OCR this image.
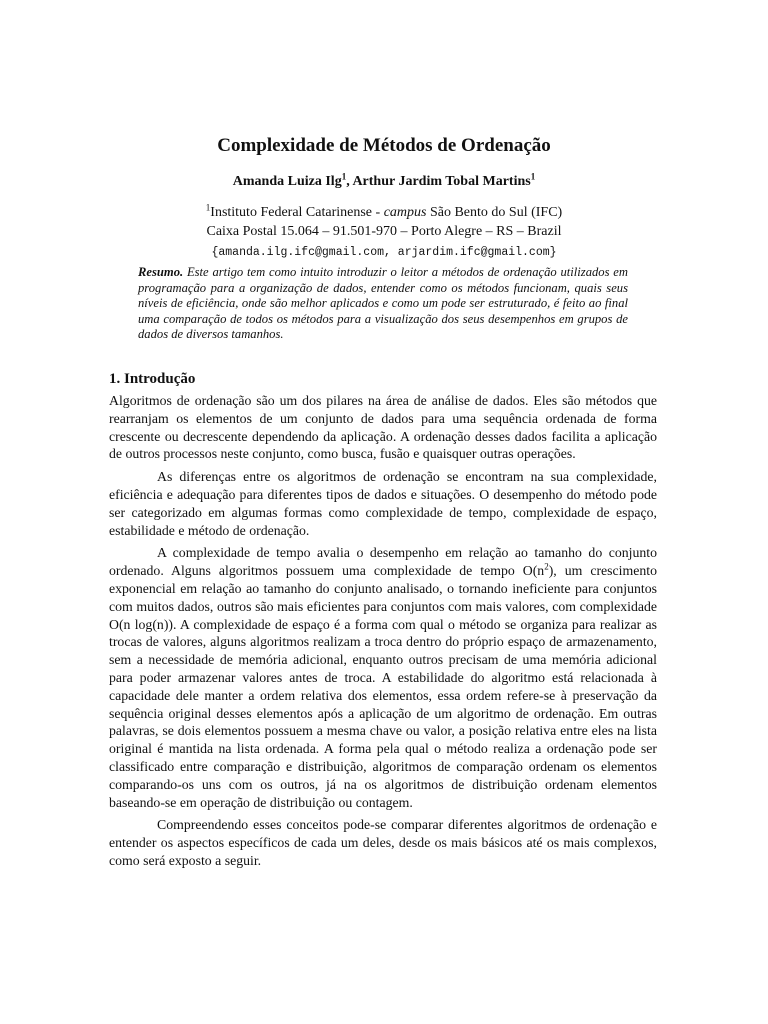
Complexidade de Métodos de Ordenação
Amanda Luiza Ilg$^1$, Arthur Jardim Tobal Martins$^1$
$^1$Instituto Federal Catarinense - campus São Bento do Sul (IFC)
Caixa Postal 15.064 – 91.501-970 – Porto Alegre – RS – Brazil
{amanda.ilg.ifc@gmail.com, arjardim.ifc@gmail.com}
Resumo. Este artigo tem como intuito introduzir o leitor a métodos de ordenação utilizados em programação para a organização de dados, entender como os métodos funcionam, quais seus níveis de eficiência, onde são melhor aplicados e como um pode ser estruturado, é feito ao final uma comparação de todos os métodos para a visualização dos seus desempenhos em grupos de dados de diversos tamanhos.
1. Introdução

Algoritmos de ordenação são um dos pilares na área de análise de dados. Eles são métodos que rearranjam os elementos de um conjunto de dados para uma sequência ordenada de forma crescente ou decrescente dependendo da aplicação. A ordenação desses dados facilita a aplicação de outros processos neste conjunto, como busca, fusão e quaisquer outras operações.

As diferenças entre os algoritmos de ordenação se encontram na sua complexidade, eficiência e adequação para diferentes tipos de dados e situações. O desempenho do método pode ser categorizado em algumas formas como complexidade de tempo, complexidade de espaço, estabilidade e método de ordenação.

A complexidade de tempo avalia o desempenho em relação ao tamanho do conjunto ordenado. Alguns algoritmos possuem uma complexidade de tempo $O(n^2)$, um crescimento exponencial em relação ao tamanho do conjunto analisado, o tornando ineficiente para conjuntos com muitos dados, outros são mais eficientes para conjuntos com mais valores, com complexidade O(n log(n)). A complexidade de espaço é a forma com qual o método se organiza para realizar as trocas de valores, alguns algoritmos realizam a troca dentro do próprio espaço de armazenamento, sem a necessidade de memória adicional, enquanto outros precisam de uma memória adicional para poder armazenar valores antes de troca. A estabilidade do algoritmo está relacionada à capacidade dele manter a ordem relativa dos elementos, essa ordem refere-se à preservação da sequência original desses elementos após a aplicação de um algoritmo de ordenação. Em outras palavras, se dois elementos possuem a mesma chave ou valor, a posição relativa entre eles na lista original é mantida na lista ordenada. A forma pela qual o método realiza a ordenação pode ser classificado entre comparação e distribuição, algoritmos de comparação ordenam os elementos comparando-os uns com os outros, já na os algoritmos de distribuição ordenam elementos baseando-se em operação de distribuição ou contagem.

Compreendendo esses conceitos pode-se comparar diferentes algoritmos de ordenação e entender os aspectos específicos de cada um deles, desde os mais básicos até os mais complexos, como será exposto a seguir.
